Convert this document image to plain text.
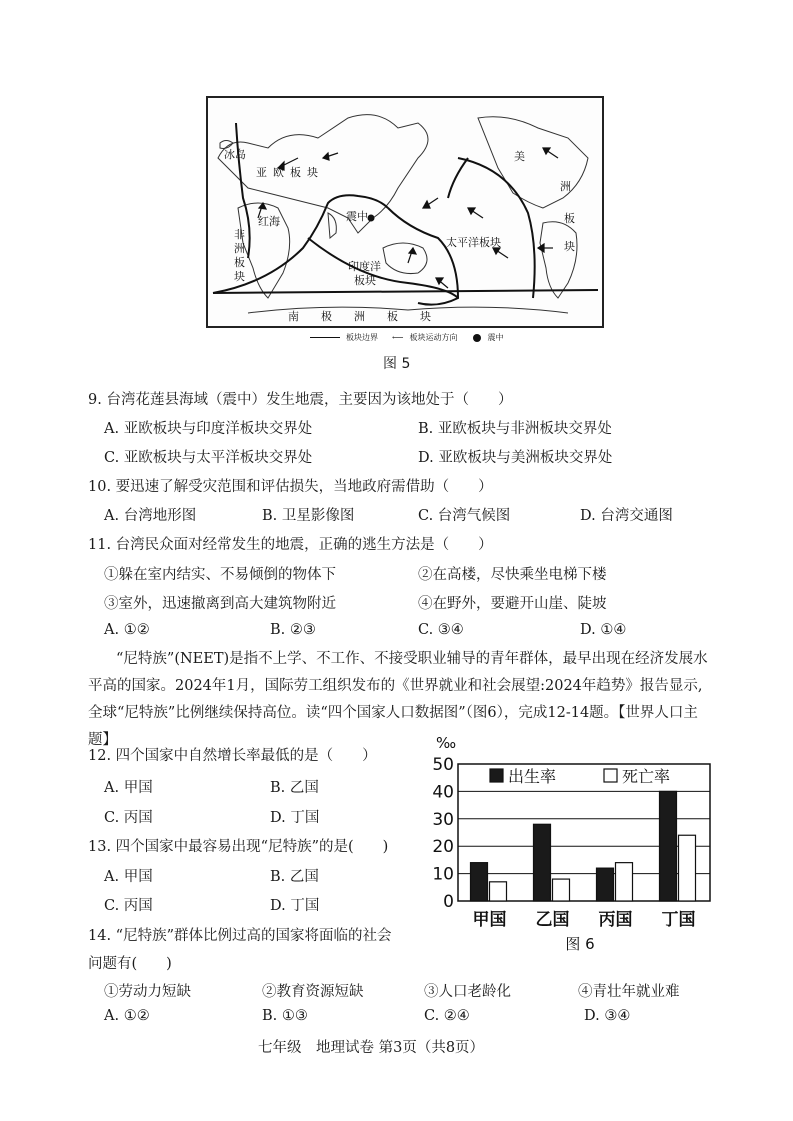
冰岛
亚欧板块
红海
非
洲
板
块
震中
太平洋板块
印度洋
板块
美
洲
板
块
南　　极　　洲　　板　　块
板块边界 ⟵ 板块运动方向	震中
图 5
9. 台湾花莲县海域（震中）发生地震，主要因为该地处于（　　）
A. 亚欧板块与印度洋板块交界处	B. 亚欧板块与非洲板块交界处
C. 亚欧板块与太平洋板块交界处	D. 亚欧板块与美洲板块交界处
10. 要迅速了解受灾范围和评估损失，当地政府需借助（　　）
A. 台湾地形图	B. 卫星影像图	C. 台湾气候图	D. 台湾交通图
11. 台湾民众面对经常发生的地震，正确的逃生方法是（　　）
①躲在室内结实、不易倾倒的物体下	②在高楼，尽快乘坐电梯下楼
③室外，迅速撤离到高大建筑物附近	④在野外，要避开山崖、陡坡
A. ①②	B. ②③	C. ③④	D. ①④
“尼特族”(NEET)是指不上学、不工作、不接受职业辅导的青年群体，最早出现在经济发展水平高的国家。2024年1月，国际劳工组织发布的《世界就业和社会展望:2024年趋势》报告显示,全球“尼特族”比例继续保持高位。读“四个国家人口数据图”（图6），完成12-14题。【世界人口主题】
12. 四个国家中自然增长率最低的是（　　）
A. 甲国	B. 乙国
C. 丙国	D. 丁国
13. 四个国家中最容易出现“尼特族”的是(　　)
A. 甲国	B. 乙国
C. 丙国	D. 丁国
14. “尼特族”群体比例过高的国家将面临的社会
问题有(　　)
①劳动力短缺	②教育资源短缺	③人口老龄化	④青壮年就业难
A. ①②	B. ①③	C. ②④	D. ③④
‰
0
10
20
30
40
50
出生率	死亡率
甲国 乙国 丙国 丁国
图 6
七年级　地理试卷 第3页（共8页）
